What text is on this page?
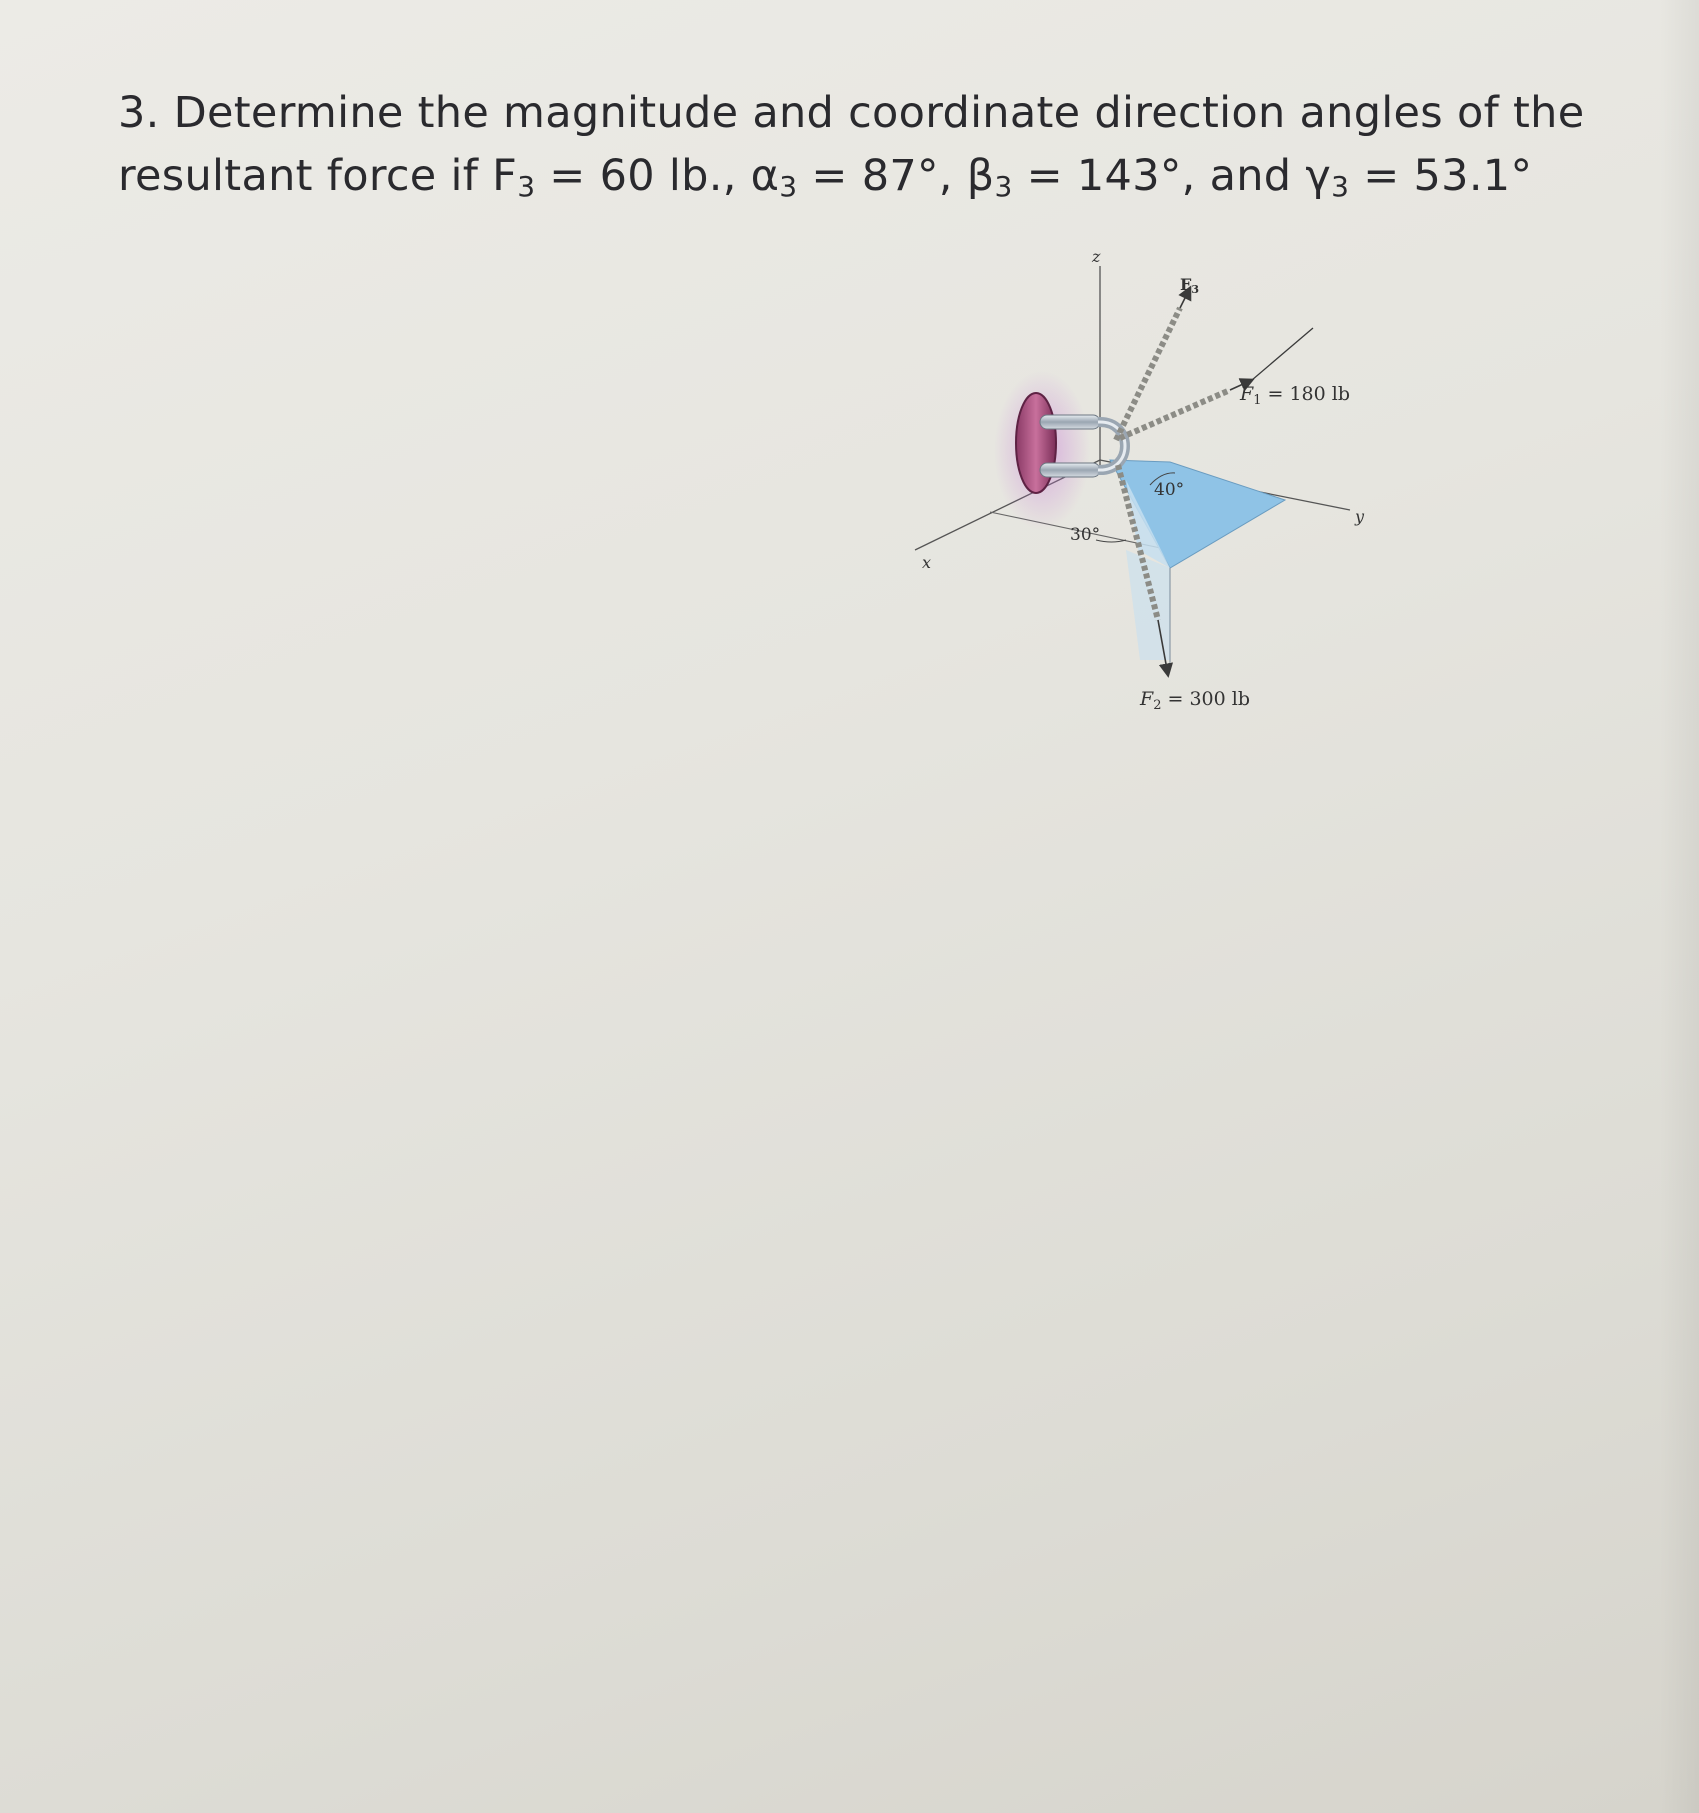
3. Determine the magnitude and coordinate direction angles of the
resultant force if $F_3 = 60$ lb., $\alpha_3 = 87^\circ$, $\beta_3 = 143^\circ$, and $\gamma_3 = 53.1^\circ$
z
x
y
F3
$F_1 = 180$ lb
$F_2 = 300$ lb
40°
30°
